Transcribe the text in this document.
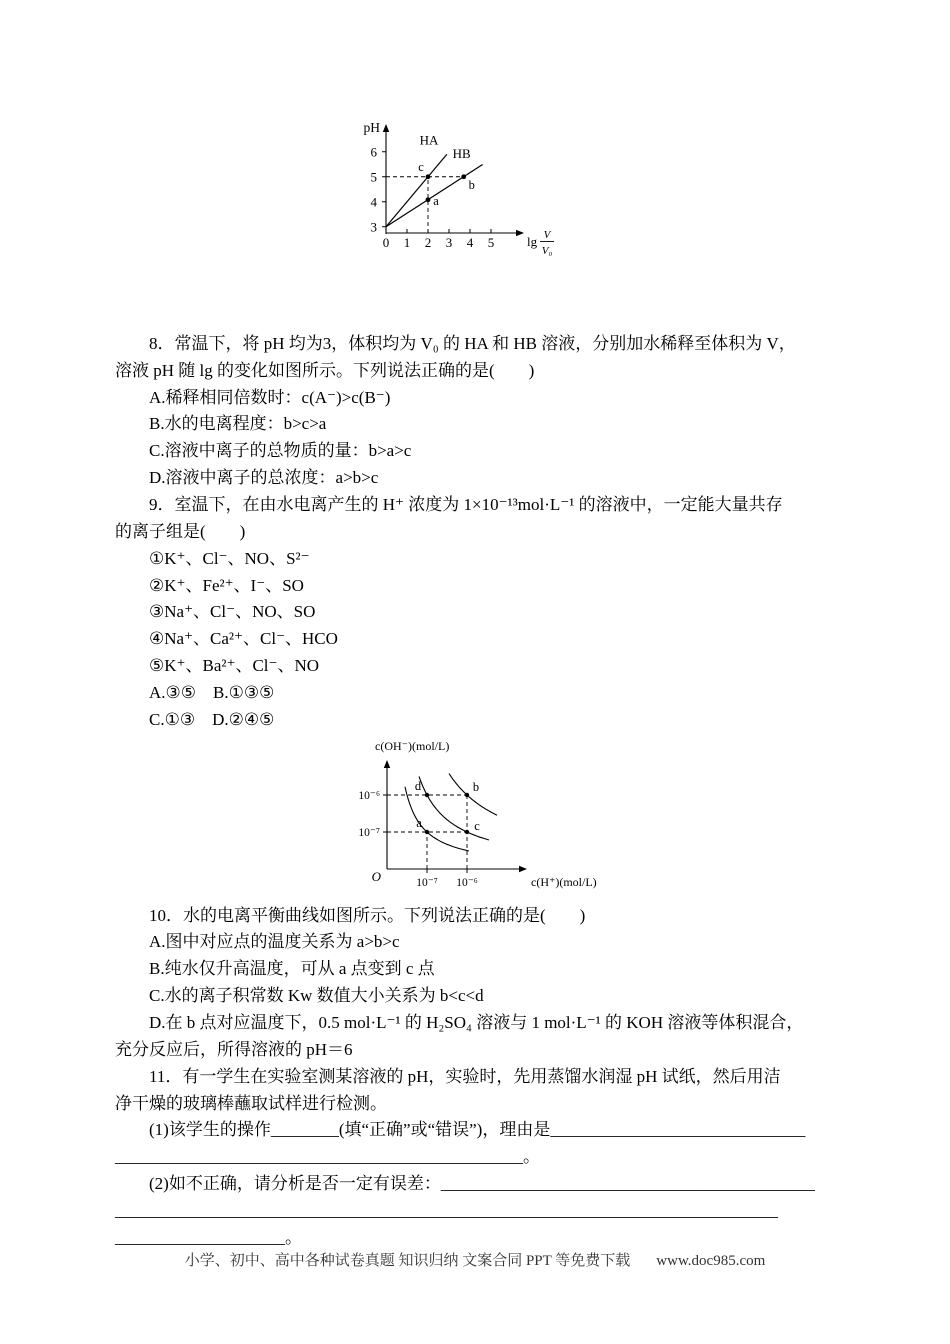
pH
3
4
5
6
0 1 2 3 4 5	lg V
V₀
HA
HB
c
a
b

8．常温下，将 pH 均为3，体积均为 V₀ 的 HA 和 HB 溶液，分别加水稀释至体积为 V，

溶液 pH 随 lg 的变化如图所示。下列说法正确的是(　　)

A.稀释相同倍数时：c(A⁻)>c(B⁻)

B.水的电离程度：b>c>a

C.溶液中离子的总物质的量：b>a>c

D.溶液中离子的总浓度：a>b>c

9．室温下，在由水电离产生的 H⁺ 浓度为 1×10⁻¹³mol·L⁻¹ 的溶液中，一定能大量共存

的离子组是(　　)

①K⁺、Cl⁻、NO、S²⁻

②K⁺、Fe²⁺、I⁻、SO

③Na⁺、Cl⁻、NO、SO

④Na⁺、Ca²⁺、Cl⁻、HCO

⑤K⁺、Ba²⁺、Cl⁻、NO

A.③⑤　B.①③⑤

C.①③　D.②④⑤

c(OH⁻)(mol/L)
O
10⁻⁶
10⁻⁷
10⁻⁷ 10⁻⁶	c(H⁺)(mol/L)
a
b
c
d

10．水的电离平衡曲线如图所示。下列说法正确的是(　　)

A.图中对应点的温度关系为 a>b>c

B.纯水仅升高温度，可从 a 点变到 c 点

C.水的离子积常数 Kw 数值大小关系为 b<c<d

D.在 b 点对应温度下，0.5 mol·L⁻¹ 的 H₂SO₄ 溶液与 1 mol·L⁻¹ 的 KOH 溶液等体积混合，

充分反应后，所得溶液的 pH＝6

11．有一学生在实验室测某溶液的 pH，实验时，先用蒸馏水润湿 pH 试纸，然后用洁

净干燥的玻璃棒蘸取试样进行检测。

(1)该学生的操作________(填“正确”或“错误”)，理由是______________________________

________________________________________________。

(2)如不正确，请分析是否一定有误差：____________________________________________

______________________________________________________________________________

____________________。

小学、初中、高中各种试卷真题 知识归纳 文案合同 PPT 等免费下载 www.doc985.com
